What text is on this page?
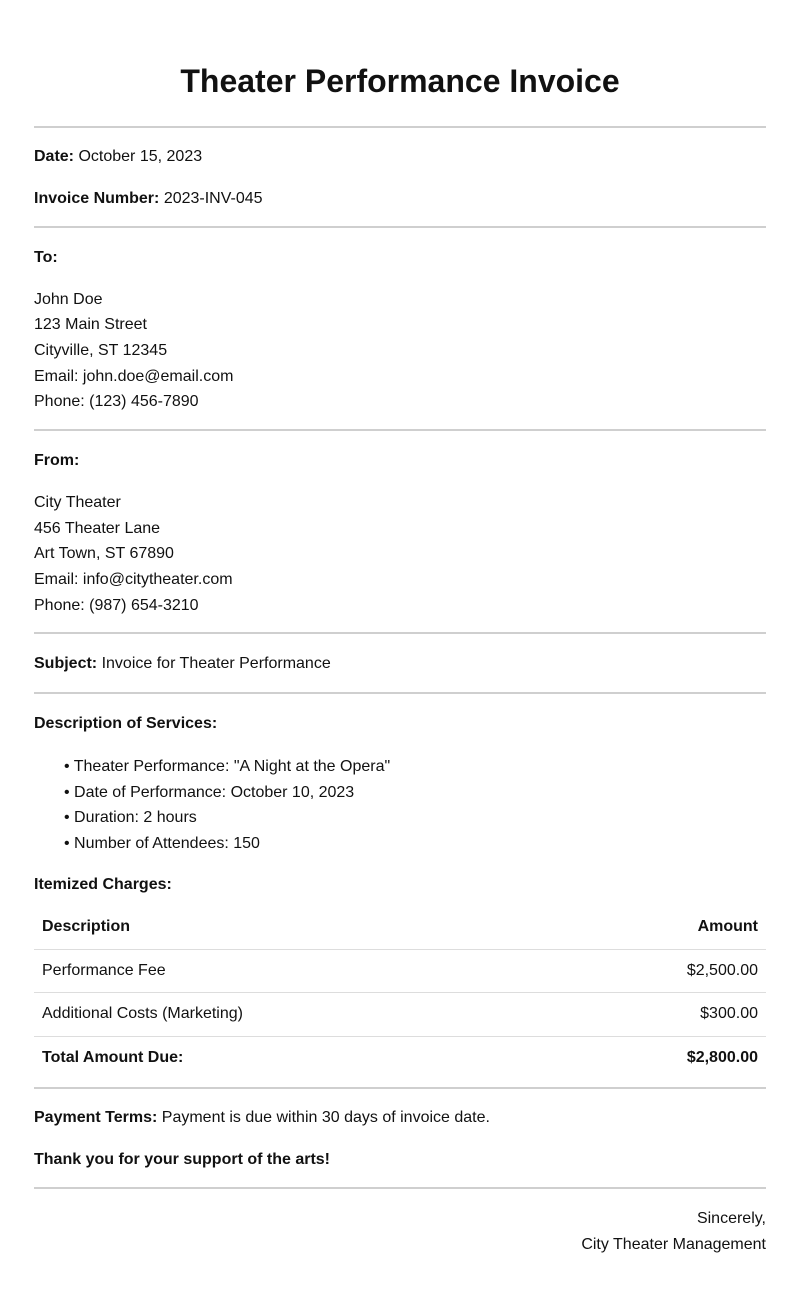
Theater Performance Invoice

Date: October 15, 2023

Invoice Number: 2023-INV-045

To:

John Doe

123 Main Street

Cityville, ST 12345

Email: john.doe@email.com

Phone: (123) 456-7890

From:

City Theater

456 Theater Lane

Art Town, ST 67890

Email: info@citytheater.com

Phone: (987) 654-3210

Subject: Invoice for Theater Performance

Description of Services:

• Theater Performance: "A Night at the Opera"
• Date of Performance: October 10, 2023
• Duration: 2 hours
• Number of Attendees: 150

Itemized Charges:

Description	Amount
Performance Fee	$2,500.00
Additional Costs (Marketing)	$300.00
Total Amount Due:	$2,800.00

Payment Terms: Payment is due within 30 days of invoice date.

Thank you for your support of the arts!

Sincerely,

City Theater Management
